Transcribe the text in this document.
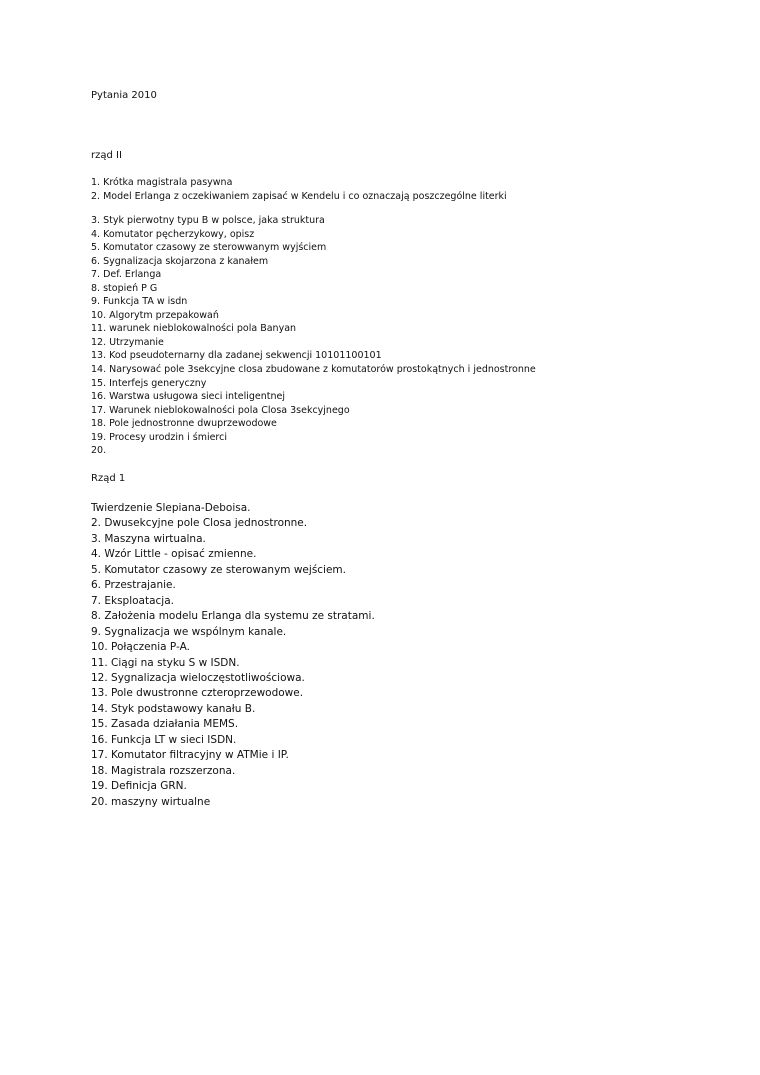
Pytania 2010
rząd II
1. Krótka magistrala pasywna
2. Model Erlanga z oczekiwaniem zapisać w Kendelu i co oznaczają poszczególne literki
3. Styk pierwotny typu B w polsce, jaka struktura
4. Komutator pęcherzykowy, opisz
5. Komutator czasowy ze sterowwanym wyjściem
6. Sygnalizacja skojarzona z kanałem
7. Def. Erlanga
8. stopień P G
9. Funkcja TA w isdn
10. Algorytm przepakowań
11. warunek nieblokowalności pola Banyan
12. Utrzymanie
13. Kod pseudoternarny dla zadanej sekwencji 10101100101
14. Narysować pole 3sekcyjne closa zbudowane z komutatorów prostokątnych i jednostronne
15. Interfejs generyczny
16. Warstwa usługowa sieci inteligentnej
17. Warunek nieblokowalności pola Closa 3sekcyjnego
18. Pole jednostronne dwuprzewodowe
19. Procesy urodzin i śmierci
20.
Rząd 1
Twierdzenie Slepiana-Deboisa.
2. Dwusekcyjne pole Closa jednostronne.
3. Maszyna wirtualna.
4. Wzór Little - opisać zmienne.
5. Komutator czasowy ze sterowanym wejściem.
6. Przestrajanie.
7. Eksploatacja.
8. Założenia modelu Erlanga dla systemu ze stratami.
9. Sygnalizacja we wspólnym kanale.
10. Połączenia P-A.
11. Ciągi na styku S w ISDN.
12. Sygnalizacja wieloczęstotliwościowa.
13. Pole dwustronne czteroprzewodowe.
14. Styk podstawowy kanału B.
15. Zasada działania MEMS.
16. Funkcja LT w sieci ISDN.
17. Komutator filtracyjny w ATMie i IP.
18. Magistrala rozszerzona.
19. Definicja GRN.
20. maszyny wirtualne
